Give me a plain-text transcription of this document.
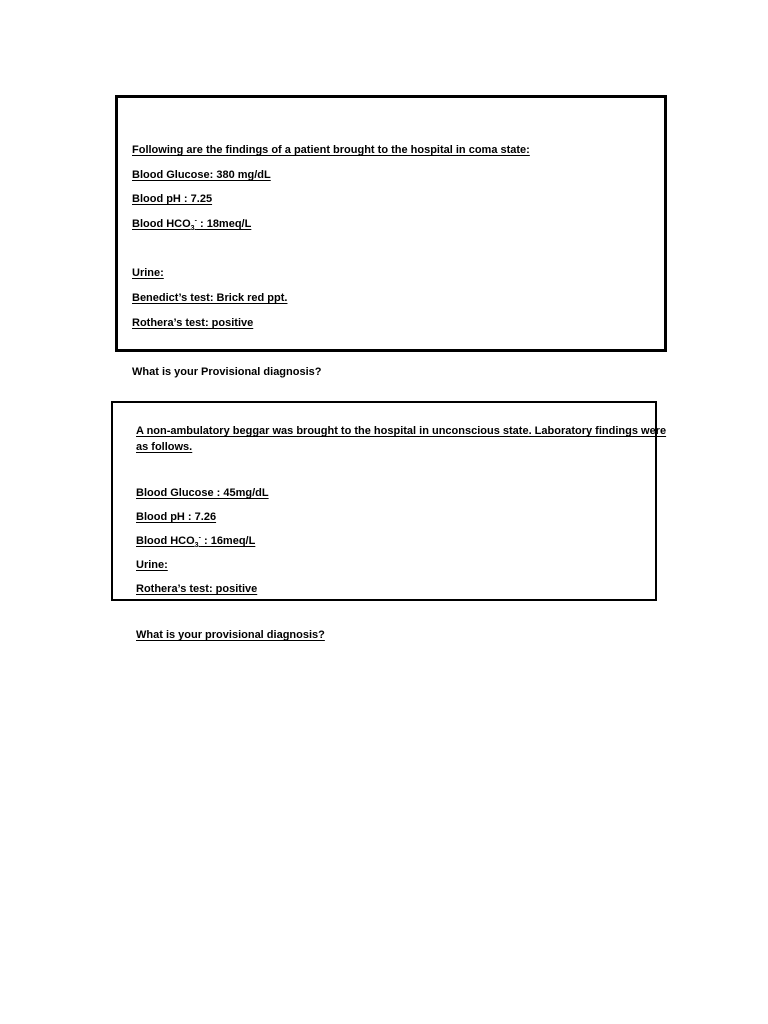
Following are the findings of a patient brought to the hospital in coma state:
Blood Glucose: 380 mg/dL
Blood pH : 7.25
Blood $HCO_3^-$ : 18meq/L
Urine:
Benedict’s test: Brick red ppt.
Rothera’s test: positive
What is your Provisional diagnosis?
A non-ambulatory beggar was brought to the hospital in unconscious state. Laboratory findings were as follows.
Blood Glucose : 45mg/dL
Blood pH : 7.26
Blood $HCO_3^-$ : 16meq/L
Urine:
Rothera’s test: positive
What is your provisional diagnosis?
